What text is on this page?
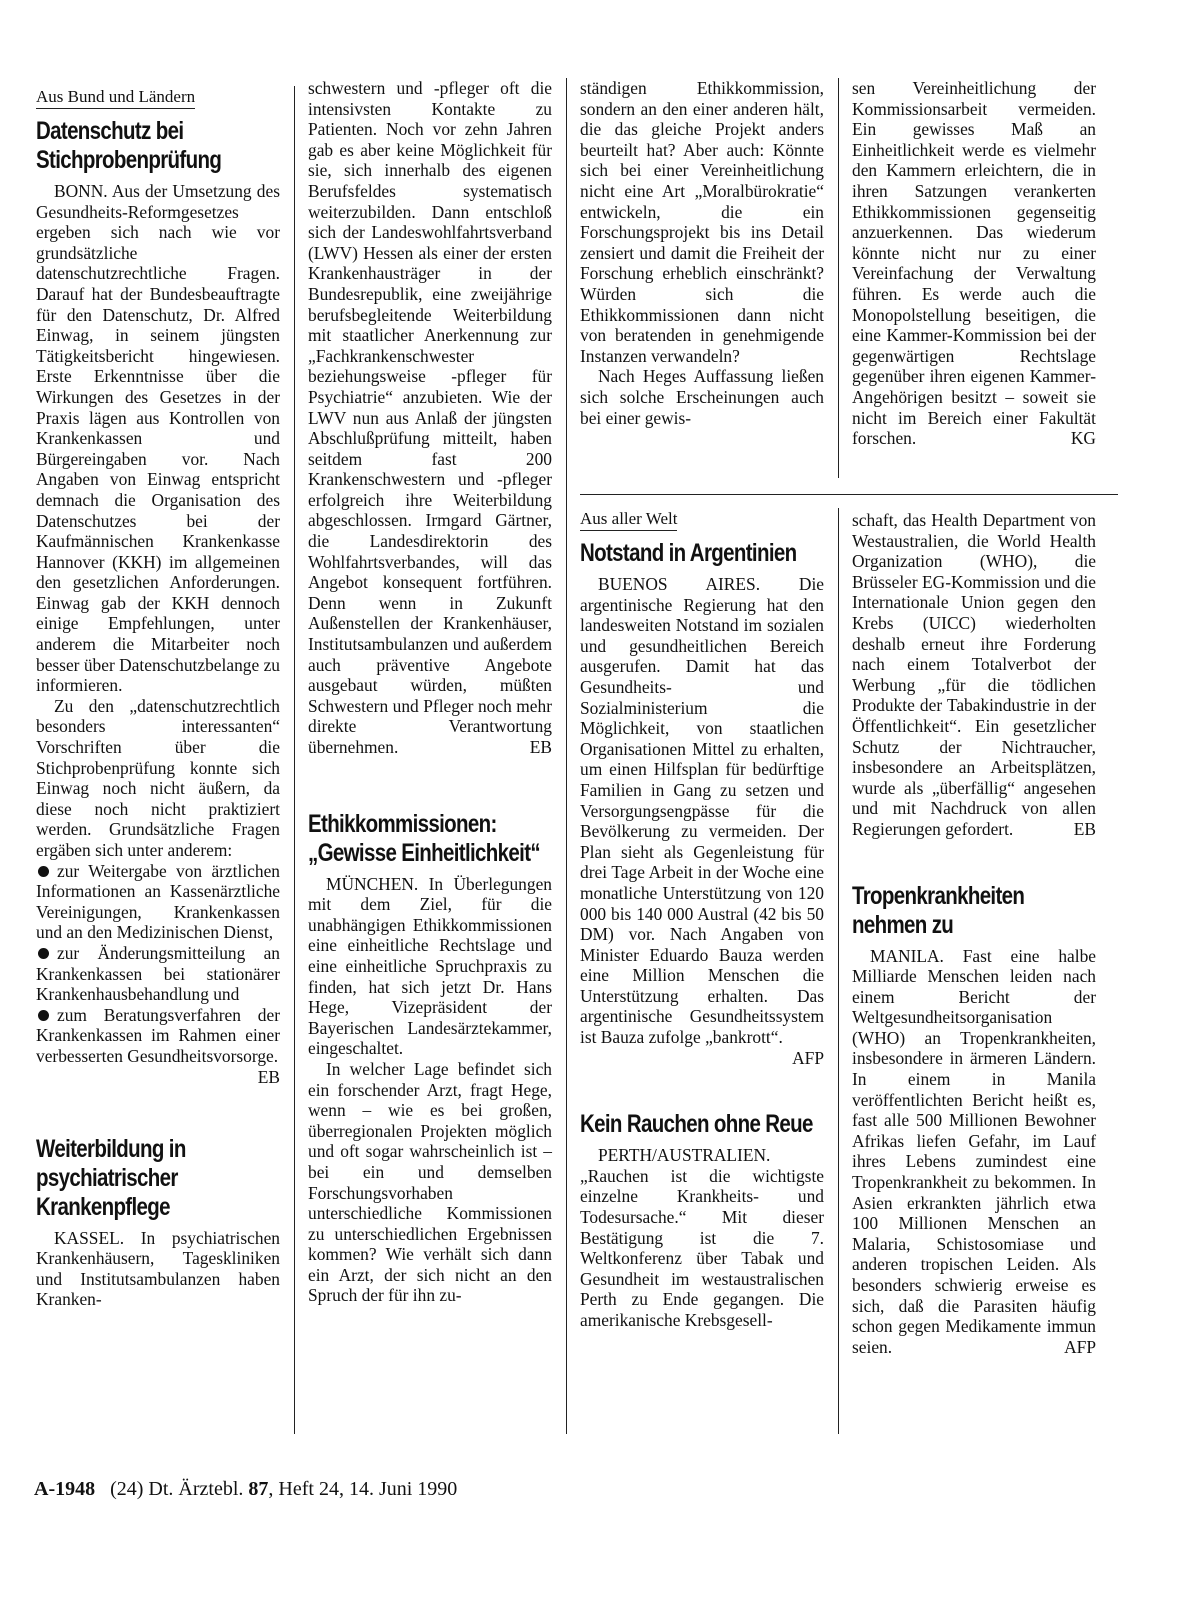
Aus Bund und Ländern
Datenschutz bei Stichprobenprüfung

BONN. Aus der Umsetzung des Gesundheits-Reformgesetzes ergeben sich nach wie vor grundsätzliche datenschutzrechtliche Fragen. Darauf hat der Bundesbeauftragte für den Datenschutz, Dr. Alfred Einwag, in seinem jüngsten Tätigkeitsbericht hingewiesen. Erste Erkenntnisse über die Wirkungen des Gesetzes in der Praxis lägen aus Kontrollen von Krankenkassen und Bürgereingaben vor. Nach Angaben von Einwag entspricht demnach die Organisation des Datenschutzes bei der Kaufmännischen Krankenkasse Hannover (KKH) im allgemeinen den gesetzlichen Anforderungen. Einwag gab der KKH dennoch einige Empfehlungen, unter anderem die Mitarbeiter noch besser über Datenschutzbelange zu informieren.

Zu den „datenschutzrechtlich besonders interessanten“ Vorschriften über die Stichprobenprüfung konnte sich Einwag noch nicht äußern, da diese noch nicht praktiziert werden. Grundsätzliche Fragen ergäben sich unter anderem:

zur Weitergabe von ärztlichen Informationen an Kassenärztliche Vereinigungen, Krankenkassen und an den Medizinischen Dienst,

zur Änderungsmitteilung an Krankenkassen bei stationärer Krankenhausbehandlung und

zum Beratungsverfahren der Krankenkassen im Rahmen einer verbesserten Gesundheitsvorsorge.
EB

Weiterbildung in psychiatrischer Krankenpflege

KASSEL. In psychiatrischen Krankenhäusern, Tageskliniken und Institutsambulanzen haben Kranken-

schwestern und -pfleger oft die intensivsten Kontakte zu Patienten. Noch vor zehn Jahren gab es aber keine Möglichkeit für sie, sich innerhalb des eigenen Berufsfeldes systematisch weiterzubilden. Dann entschloß sich der Landeswohlfahrtsverband (LWV) Hessen als einer der ersten Krankenhausträger in der Bundesrepublik, eine zweijährige berufsbegleitende Weiterbildung mit staatlicher Anerkennung zur „Fachkrankenschwester beziehungsweise -pfleger für Psychiatrie“ anzubieten. Wie der LWV nun aus Anlaß der jüngsten Abschlußprüfung mitteilt, haben seitdem fast 200 Krankenschwestern und -pfleger erfolgreich ihre Weiterbildung abgeschlossen. Irmgard Gärtner, die Landesdirektorin des Wohlfahrtsverbandes, will das Angebot konsequent fortführen. Denn wenn in Zukunft Außenstellen der Krankenhäuser, Institutsambulanzen und außerdem auch präventive Angebote ausgebaut würden, müßten Schwestern und Pfleger noch mehr direkte Verantwortung übernehmen.	EB

Ethikkommissionen: „Gewisse Einheitlichkeit“

MÜNCHEN. In Überlegungen mit dem Ziel, für die unabhängigen Ethikkommissionen eine einheitliche Rechtslage und eine einheitliche Spruchpraxis zu finden, hat sich jetzt Dr. Hans Hege, Vizepräsident der Bayerischen Landesärztekammer, eingeschaltet.

In welcher Lage befindet sich ein forschender Arzt, fragt Hege, wenn – wie es bei großen, überregionalen Projekten möglich und oft sogar wahrscheinlich ist – bei ein und demselben Forschungsvorhaben unterschiedliche Kommissionen zu unterschiedlichen Ergebnissen kommen? Wie verhält sich dann ein Arzt, der sich nicht an den Spruch der für ihn zu-

ständigen Ethikkommission, sondern an den einer anderen hält, die das gleiche Projekt anders beurteilt hat? Aber auch: Könnte sich bei einer Vereinheitlichung nicht eine Art „Moralbürokratie“ entwickeln, die ein Forschungsprojekt bis ins Detail zensiert und damit die Freiheit der Forschung erheblich einschränkt? Würden sich die Ethikkommissionen dann nicht von beratenden in genehmigende Instanzen verwandeln?

Nach Heges Auffassung ließen sich solche Erscheinungen auch bei einer gewis-

Aus aller Welt
Notstand in Argentinien

BUENOS AIRES. Die argentinische Regierung hat den landesweiten Notstand im sozialen und gesundheitlichen Bereich ausgerufen. Damit hat das Gesundheits- und Sozialministerium die Möglichkeit, von staatlichen Organisationen Mittel zu erhalten, um einen Hilfsplan für bedürftige Familien in Gang zu setzen und Versorgungsengpässe für die Bevölkerung zu vermeiden. Der Plan sieht als Gegenleistung für drei Tage Arbeit in der Woche eine monatliche Unterstützung von 120 000 bis 140 000 Austral (42 bis 50 DM) vor. Nach Angaben von Minister Eduardo Bauza werden eine Million Menschen die Unterstützung erhalten. Das argentinische Gesundheitssystem ist Bauza zufolge „bankrott“.
AFP

Kein Rauchen ohne Reue

PERTH/AUSTRALIEN. „Rauchen ist die wichtigste einzelne Krankheits- und Todesursache.“ Mit dieser Bestätigung ist die 7. Weltkonferenz über Tabak und Gesundheit im westaustralischen Perth zu Ende gegangen. Die amerikanische Krebsgesell-

sen Vereinheitlichung der Kommissionsarbeit vermeiden. Ein gewisses Maß an Einheitlichkeit werde es vielmehr den Kammern erleichtern, die in ihren Satzungen verankerten Ethikkommissionen gegenseitig anzuerkennen. Das wiederum könnte nicht nur zu einer Vereinfachung der Verwaltung führen. Es werde auch die Monopolstellung beseitigen, die eine Kammer-Kommission bei der gegenwärtigen Rechtslage gegenüber ihren eigenen Kammer-Angehörigen besitzt – soweit sie nicht im Bereich einer Fakultät forschen.	KG

schaft, das Health Department von Westaustralien, die World Health Organization (WHO), die Brüsseler EG-Kommission und die Internationale Union gegen den Krebs (UICC) wiederholten deshalb erneut ihre Forderung nach einem Totalverbot der Werbung „für die tödlichen Produkte der Tabakindustrie in der Öffentlichkeit“. Ein gesetzlicher Schutz der Nichtraucher, insbesondere an Arbeitsplätzen, wurde als „überfällig“ angesehen und mit Nachdruck von allen Regierungen gefordert.	EB

Tropenkrankheiten nehmen zu

MANILA. Fast eine halbe Milliarde Menschen leiden nach einem Bericht der Weltgesundheitsorganisation (WHO) an Tropenkrankheiten, insbesondere in ärmeren Ländern. In einem in Manila veröffentlichten Bericht heißt es, fast alle 500 Millionen Bewohner Afrikas liefen Gefahr, im Lauf ihres Lebens zumindest eine Tropenkrankheit zu bekommen. In Asien erkrankten jährlich etwa 100 Millionen Menschen an Malaria, Schistosomiase und anderen tropischen Leiden. Als besonders schwierig erweise es sich, daß die Parasiten häufig schon gegen Medikamente immun seien.	AFP

A-1948 (24) Dt. Ärztebl. 87, Heft 24, 14. Juni 1990
